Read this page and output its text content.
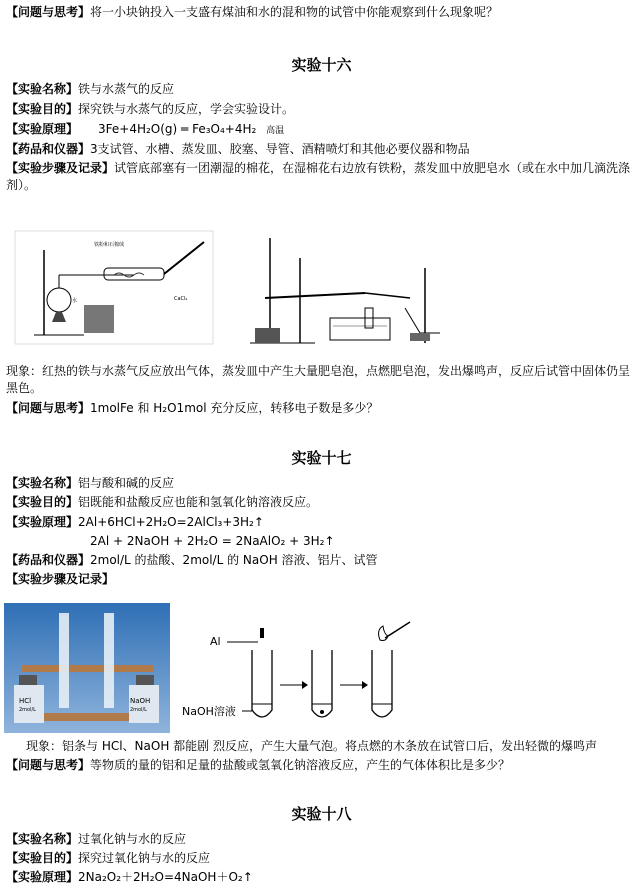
【问题与思考】将一小块钠投入一支盛有煤油和水的混和物的试管中你能观察到什么现象呢？
实验十六
【实验名称】铁与水蒸气的反应
【实验目的】探究铁与水蒸气的反应，学会实验设计。
【实验原理】 3Fe+4H₂O(g) ═ Fe₃O₄+4H₂ 高温
【药品和仪器】3支试管、水槽、蒸发皿、胶塞、导管、酒精喷灯和其他必要仪器和物品
【实验步骤及记录】试管底部塞有一团潮湿的棉花，在湿棉花右边放有铁粉，蒸发皿中放肥皂水（或在水中加几滴洗涤剂）。
铁粉和石棉绒
CaCl₂
水
现象：红热的铁与水蒸气反应放出气体，蒸发皿中产生大量肥皂泡，点燃肥皂泡，发出爆鸣声，反应后试管中固体仍呈黑色。
【问题与思考】1molFe 和 H₂O1mol 充分反应，转移电子数是多少？
实验十七
【实验名称】铝与酸和碱的反应
【实验目的】铝既能和盐酸反应也能和氢氧化钠溶液反应。
【实验原理】2Al+6HCl+2H₂O=2AlCl₃+3H₂↑
2Al + 2NaOH + 2H₂O = 2NaAlO₂ + 3H₂↑
【药品和仪器】2mol/L 的盐酸、2mol/L 的 NaOH 溶液、铝片、试管
【实验步骤及记录】
HCl
2mol/L
NaOH
2mol/L
Al
NaOH溶液
现象：铝条与 HCl、NaOH 都能剧 烈反应，产生大量气泡。将点燃的木条放在试管口后，发出轻微的爆鸣声
【问题与思考】等物质的量的铝和足量的盐酸或氢氧化钠溶液反应，产生的气体体积比是多少？
实验十八
【实验名称】过氧化钠与水的反应
【实验目的】探究过氧化钠与水的反应
【实验原理】2Na₂O₂＋2H₂O=4NaOH＋O₂↑
